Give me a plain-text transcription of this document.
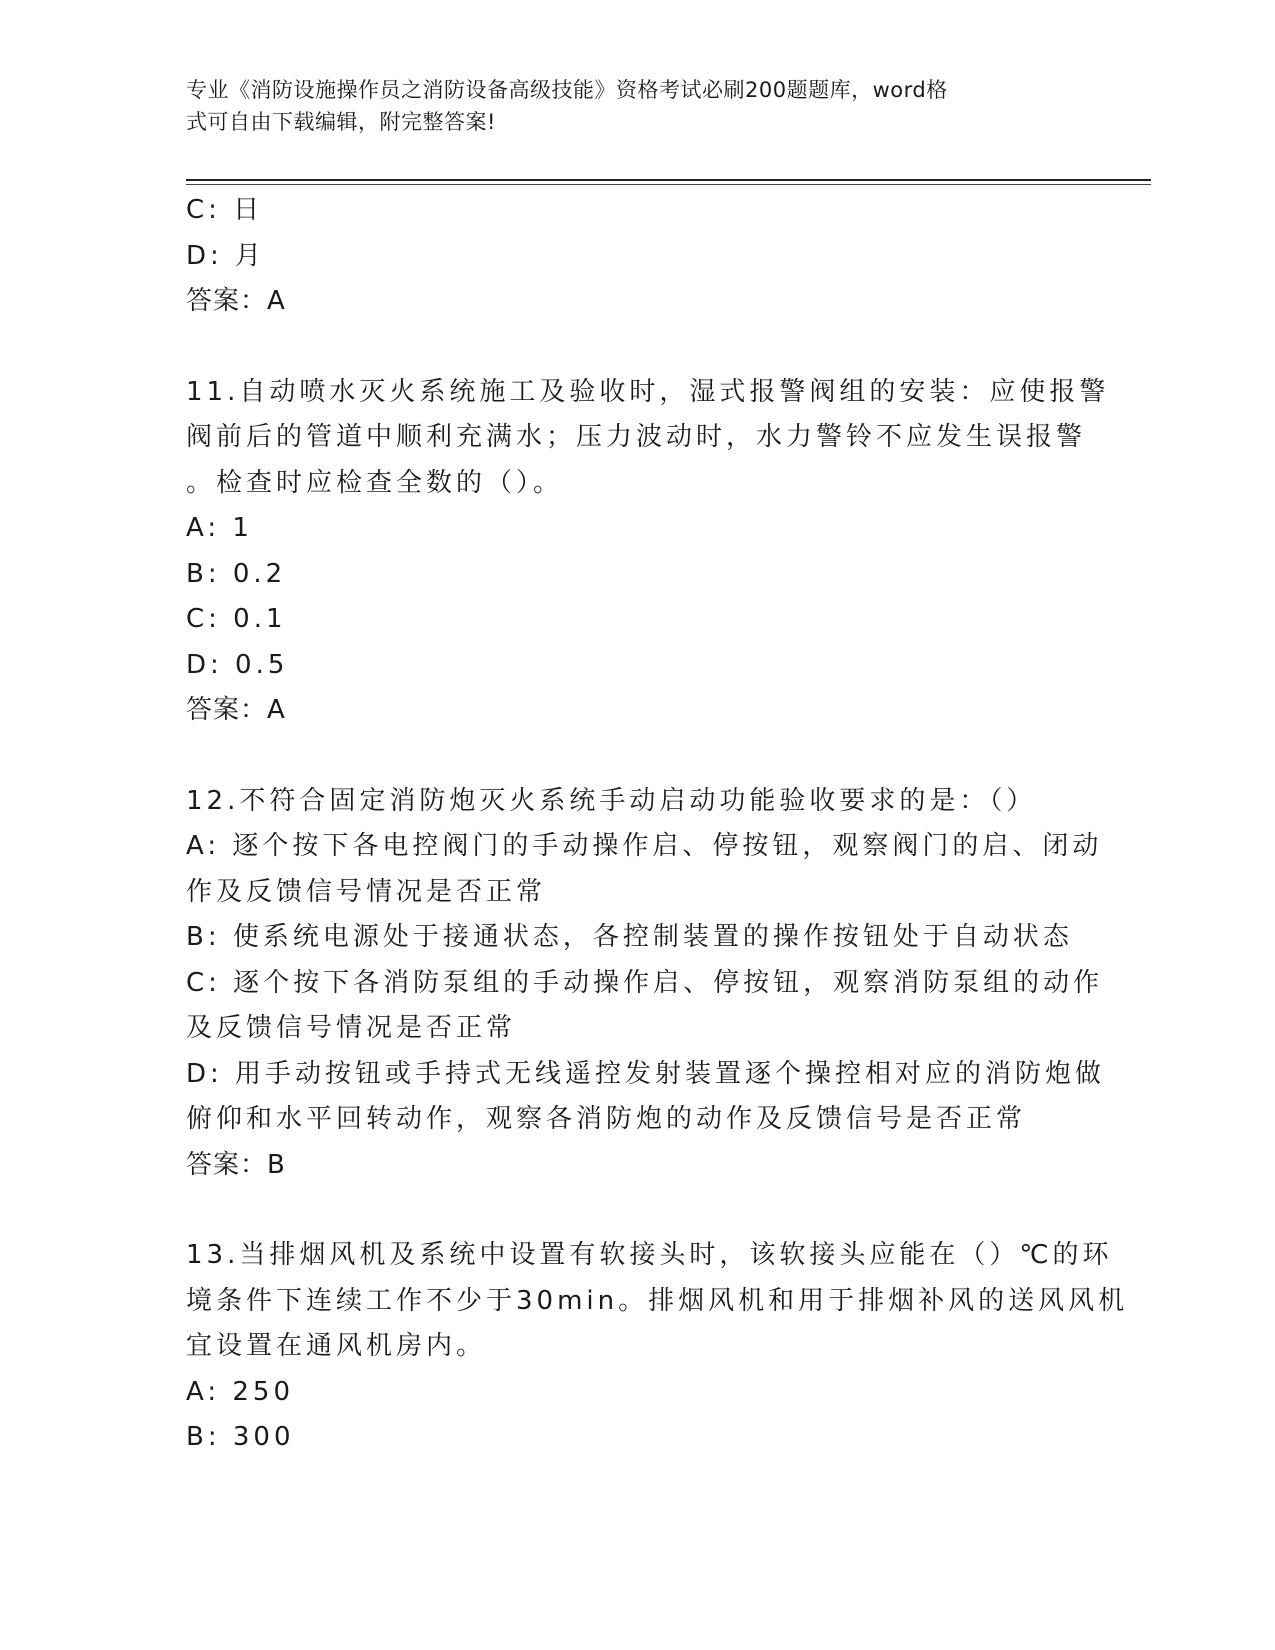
专业《消防设施操作员之消防设备高级技能》资格考试必刷200题题库，word格
式可自由下载编辑，附完整答案!
C: 日
D: 月
答案：A
11.自动喷水灭火系统施工及验收时，湿式报警阀组的安装：应使报警
阀前后的管道中顺利充满水；压力波动时，水力警铃不应发生误报警
。检查时应检查全数的（）。
A: 1
B: 0.2
C: 0.1
D: 0.5
答案：A
12.不符合固定消防炮灭火系统手动启动功能验收要求的是：（）
A: 逐个按下各电控阀门的手动操作启、停按钮，观察阀门的启、闭动
作及反馈信号情况是否正常
B: 使系统电源处于接通状态，各控制装置的操作按钮处于自动状态
C: 逐个按下各消防泵组的手动操作启、停按钮，观察消防泵组的动作
及反馈信号情况是否正常
D: 用手动按钮或手持式无线遥控发射装置逐个操控相对应的消防炮做
俯仰和水平回转动作，观察各消防炮的动作及反馈信号是否正常
答案：B
13.当排烟风机及系统中设置有软接头时，该软接头应能在（）℃的环
境条件下连续工作不少于30min。排烟风机和用于排烟补风的送风风机
宜设置在通风机房内。
A: 250
B: 300
